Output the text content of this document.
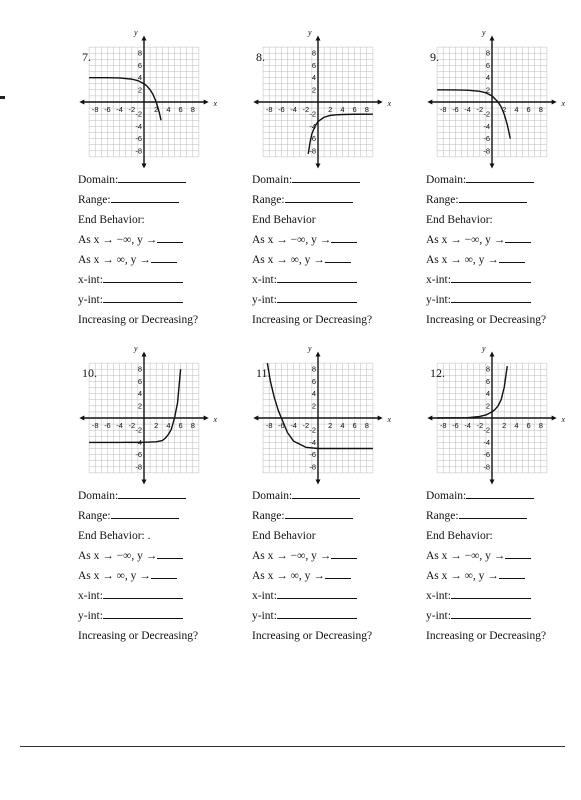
-8 -6 -4 -2	2 4 6 8
8
6
4
2
-2
-4
-6
-8
x
y
7.
Domain:
Range:
End Behavior:
As x → −∞, y →
As x → ∞, y →
x-int:
y-int:
Increasing or Decreasing?
-8 -6 -4 -2	2 4 6 8
8
6
4
2
-2
-4
-6
-8
x
y
8.
Domain:
Range:
End Behavior
As x → −∞, y →
As x → ∞, y →
x-int:
y-int:
Increasing or Decreasing?
-8 -6 -4 -2	2 4 6 8
8
6
4
2
-2
-4
-6
-8
x
y
9.
Domain:
Range:
End Behavior:
As x → −∞, y →
As x → ∞, y →
x-int:
y-int:
Increasing or Decreasing?
-8 -6 -4 -2	2 4 6 8
8
6
4
2
-2
-4
-6
-8
x
y
10.
Domain:
Range:
End Behavior: .
As x → −∞, y →
As x → ∞, y →
x-int:
y-int:
Increasing or Decreasing?
-8 -6 -4 -2	2 4 6 8
8
6
4
2
-2
-4
-6
-8
x
y
11.
Domain:
Range:
End Behavior
As x → −∞, y →
As x → ∞, y →
x-int:
y-int:
Increasing or Decreasing?
-8 -6 -4 -2	2 4 6 8
8
6
4
2
-2
-4
-6
-8
x
y
12.
Domain:
Range:
End Behavior:
As x → −∞, y →
As x → ∞, y →
x-int:
y-int:
Increasing or Decreasing?
